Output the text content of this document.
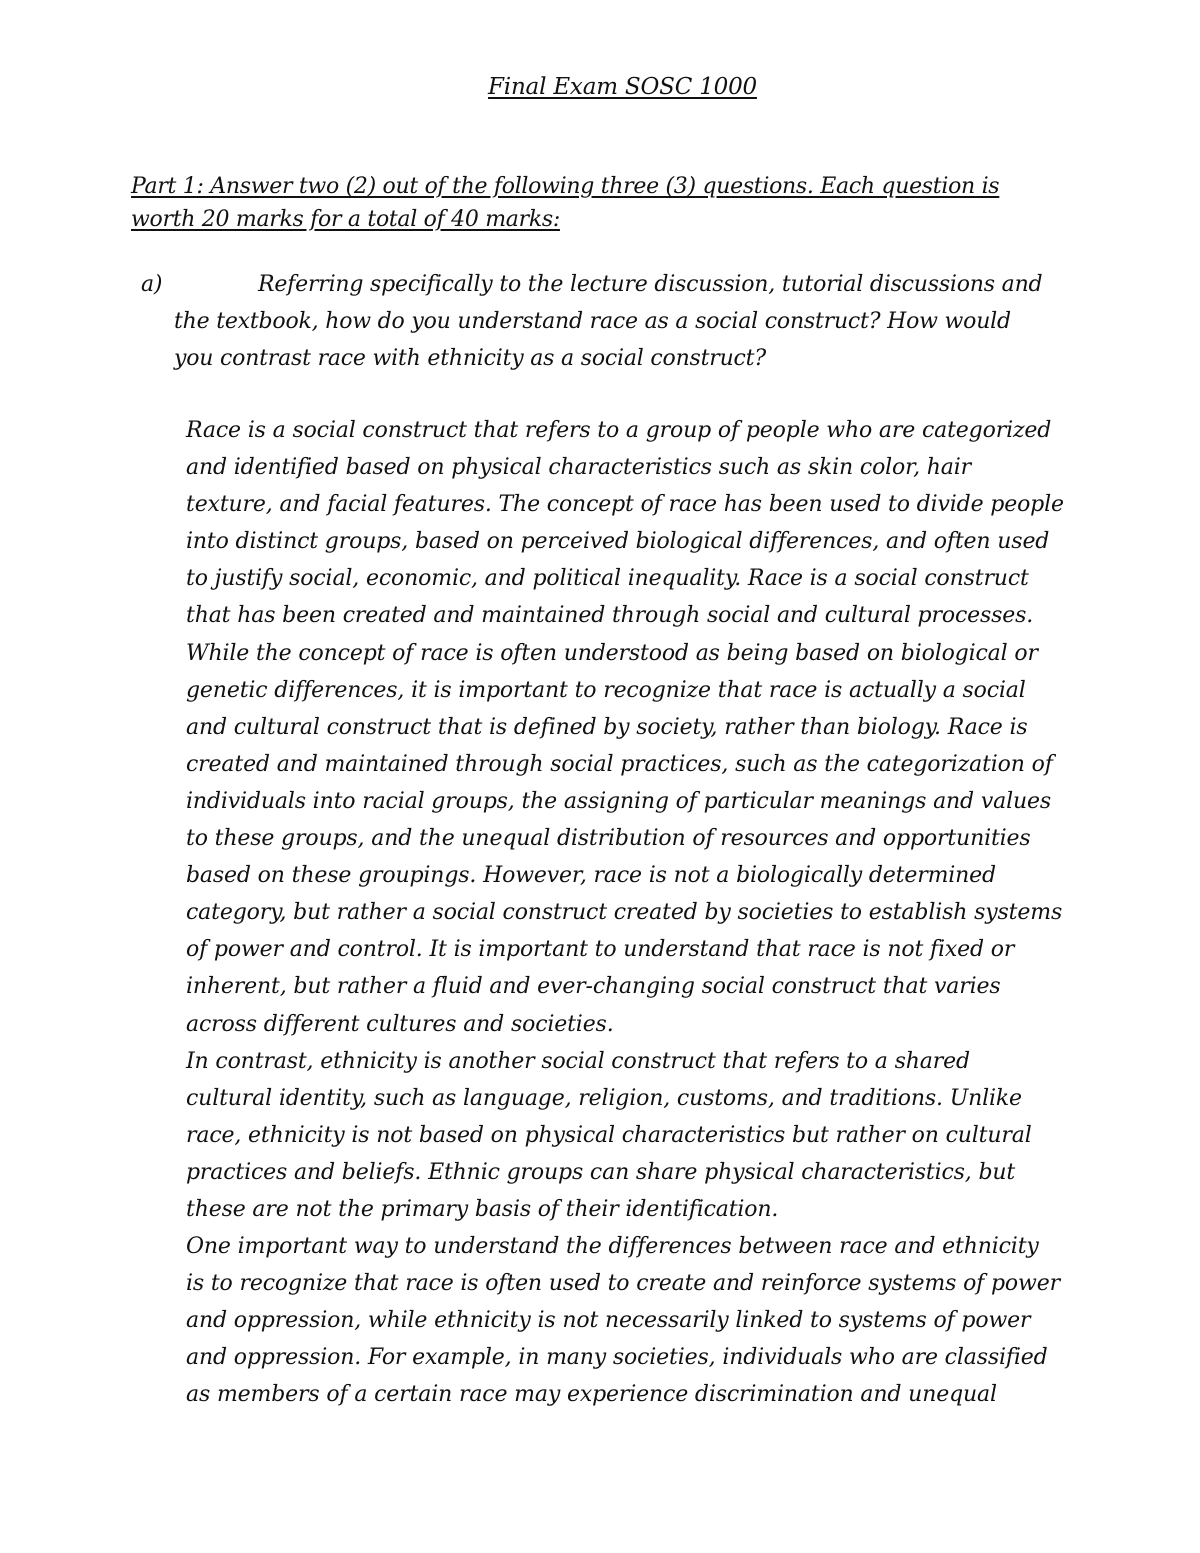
Final Exam SOSC 1000
Part 1: Answer two (2) out of the following three (3) questions. Each question is
worth 20 marks for a total of 40 marks:
a)	Referring specifically to the lecture discussion, tutorial discussions and
the textbook, how do you understand race as a social construct? How would
you contrast race with ethnicity as a social construct?
Race is a social construct that refers to a group of people who are categorized
and identified based on physical characteristics such as skin color, hair
texture, and facial features. The concept of race has been used to divide people
into distinct groups, based on perceived biological differences, and often used
to justify social, economic, and political inequality. Race is a social construct
that has been created and maintained through social and cultural processes.
While the concept of race is often understood as being based on biological or
genetic differences, it is important to recognize that race is actually a social
and cultural construct that is defined by society, rather than biology. Race is
created and maintained through social practices, such as the categorization of
individuals into racial groups, the assigning of particular meanings and values
to these groups, and the unequal distribution of resources and opportunities
based on these groupings. However, race is not a biologically determined
category, but rather a social construct created by societies to establish systems
of power and control. It is important to understand that race is not fixed or
inherent, but rather a fluid and ever-changing social construct that varies
across different cultures and societies.
In contrast, ethnicity is another social construct that refers to a shared
cultural identity, such as language, religion, customs, and traditions. Unlike
race, ethnicity is not based on physical characteristics but rather on cultural
practices and beliefs. Ethnic groups can share physical characteristics, but
these are not the primary basis of their identification.
One important way to understand the differences between race and ethnicity
is to recognize that race is often used to create and reinforce systems of power
and oppression, while ethnicity is not necessarily linked to systems of power
and oppression. For example, in many societies, individuals who are classified
as members of a certain race may experience discrimination and unequal
